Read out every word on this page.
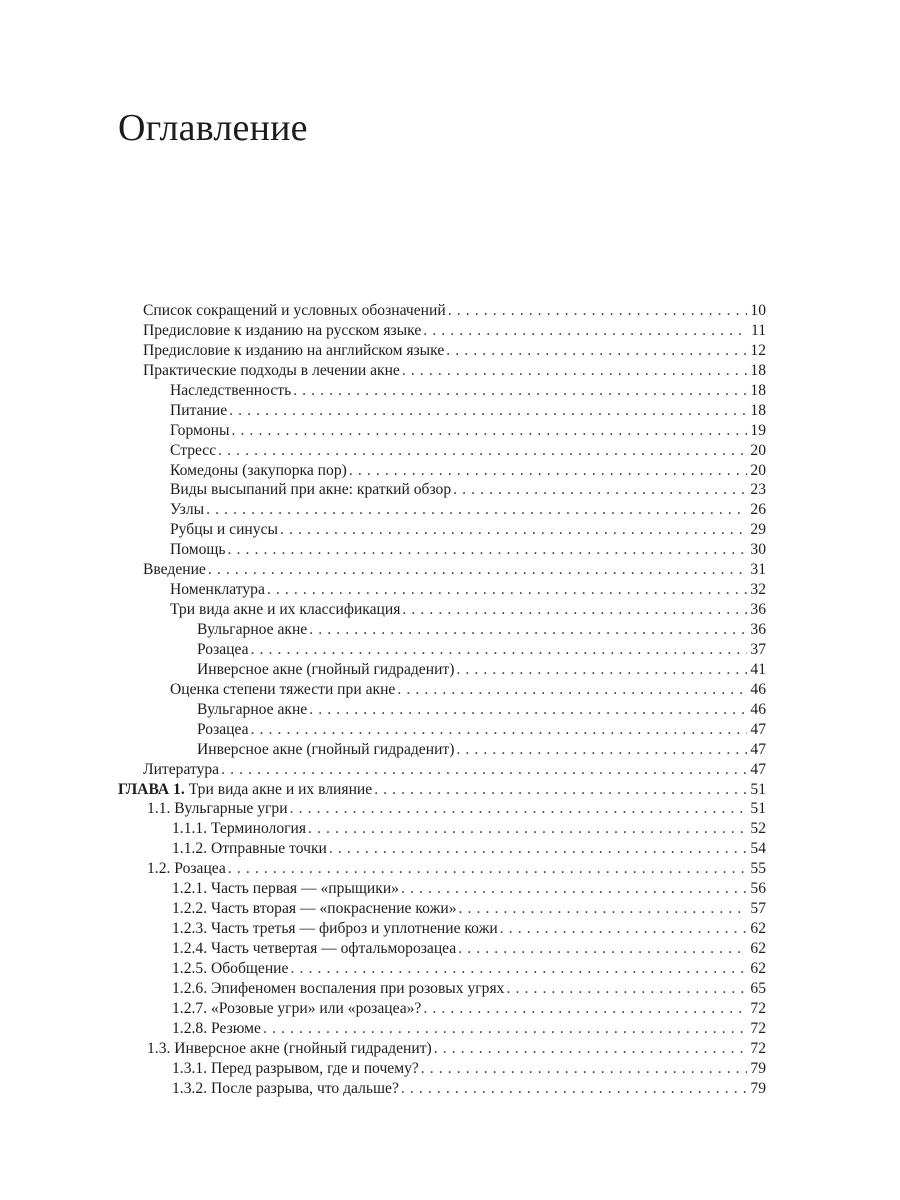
Оглавление
Список сокращений и условных обозначений . . .	10
Предисловие к изданию на русском языке . . .	11
Предисловие к изданию на английском языке . . .	12
Практические подходы в лечении акне . . .	18
Наследственность . . .	18
Питание . . .	18
Гормоны . . .	19
Стресс . . .	20
Комедоны (закупорка пор) . . .	20
Виды высыпаний при акне: краткий обзор . . .	23
Узлы . . .	26
Рубцы и синусы . . .	29
Помощь . . .	30
Введение . . .	31
Номенклатура . . .	32
Три вида акне и их классификация . . .	36
Вульгарное акне . . .	36
Розацеа . . .	37
Инверсное акне (гнойный гидраденит) . . .	41
Оценка степени тяжести при акне . . .	46
Вульгарное акне . . .	46
Розацеа . . .	47
Инверсное акне (гнойный гидраденит) . . .	47
Литература . . .	47
ГЛАВА 1. Три вида акне и их влияние . . .	51
1.1. Вульгарные угри . . .	51
1.1.1. Терминология . . .	52
1.1.2. Отправные точки . . .	54
1.2. Розацеа . . .	55
1.2.1. Часть первая — «прыщики» . . .	56
1.2.2. Часть вторая — «покраснение кожи» . . .	57
1.2.3. Часть третья — фиброз и уплотнение кожи . . .	62
1.2.4. Часть четвертая — офтальморозацеа . . .	62
1.2.5. Обобщение . . .	62
1.2.6. Эпифеномен воспаления при розовых угрях . . .	65
1.2.7. «Розовые угри» или «розацеа»? . . .	72
1.2.8. Резюме . . .	72
1.3. Инверсное акне (гнойный гидраденит) . . .	72
1.3.1. Перед разрывом, где и почему? . . .	79
1.3.2. После разрыва, что дальше? . . .	79
